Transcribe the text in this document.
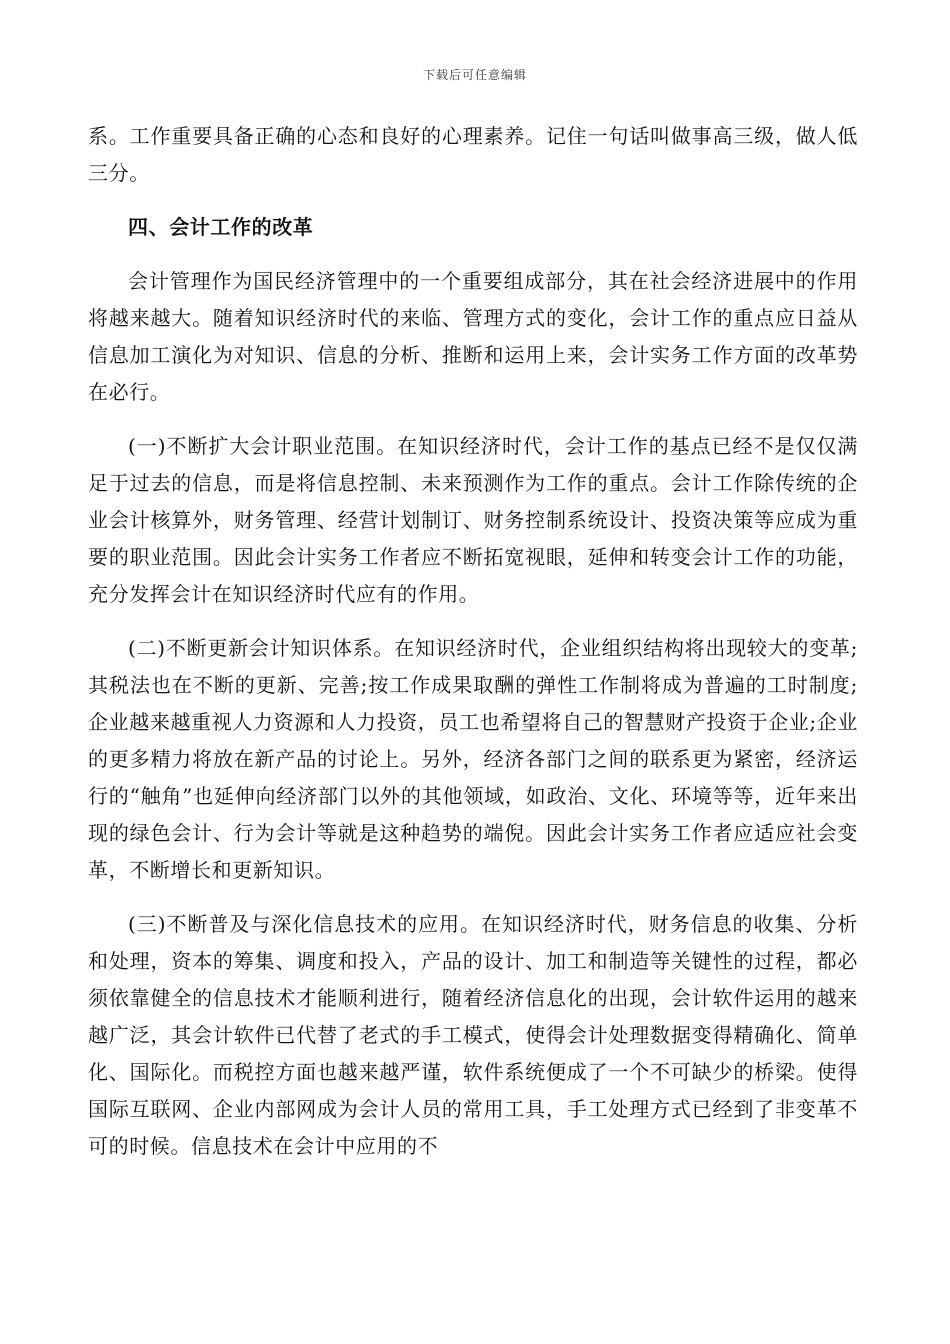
下载后可任意编辑

系。工作重要具备正确的心态和良好的心理素养。记住一句话叫做事高三级，做人低三分。

四、会计工作的改革

会计管理作为国民经济管理中的一个重要组成部分，其在社会经济进展中的作用将越来越大。随着知识经济时代的来临、管理方式的变化，会计工作的重点应日益从信息加工演化为对知识、信息的分析、推断和运用上来，会计实务工作方面的改革势在必行。

(一)不断扩大会计职业范围。在知识经济时代，会计工作的基点已经不是仅仅满足于过去的信息，而是将信息控制、未来预测作为工作的重点。会计工作除传统的企业会计核算外，财务管理、经营计划制订、财务控制系统设计、投资决策等应成为重要的职业范围。因此会计实务工作者应不断拓宽视眼，延伸和转变会计工作的功能，充分发挥会计在知识经济时代应有的作用。

(二)不断更新会计知识体系。在知识经济时代，企业组织结构将出现较大的变革;其税法也在不断的更新、完善;按工作成果取酬的弹性工作制将成为普遍的工时制度;企业越来越重视人力资源和人力投资，员工也希望将自己的智慧财产投资于企业;企业的更多精力将放在新产品的讨论上。另外，经济各部门之间的联系更为紧密，经济运行的“触角”也延伸向经济部门以外的其他领域，如政治、文化、环境等等，近年来出现的绿色会计、行为会计等就是这种趋势的端倪。因此会计实务工作者应适应社会变革，不断增长和更新知识。

(三)不断普及与深化信息技术的应用。在知识经济时代，财务信息的收集、分析和处理，资本的筹集、调度和投入，产品的设计、加工和制造等关键性的过程，都必须依靠健全的信息技术才能顺利进行，随着经济信息化的出现，会计软件运用的越来越广泛，其会计软件已代替了老式的手工模式，使得会计处理数据变得精确化、简单化、国际化。而税控方面也越来越严谨，软件系统便成了一个不可缺少的桥梁。使得国际互联网、企业内部网成为会计人员的常用工具，手工处理方式已经到了非变革不可的时候。信息技术在会计中应用的不
